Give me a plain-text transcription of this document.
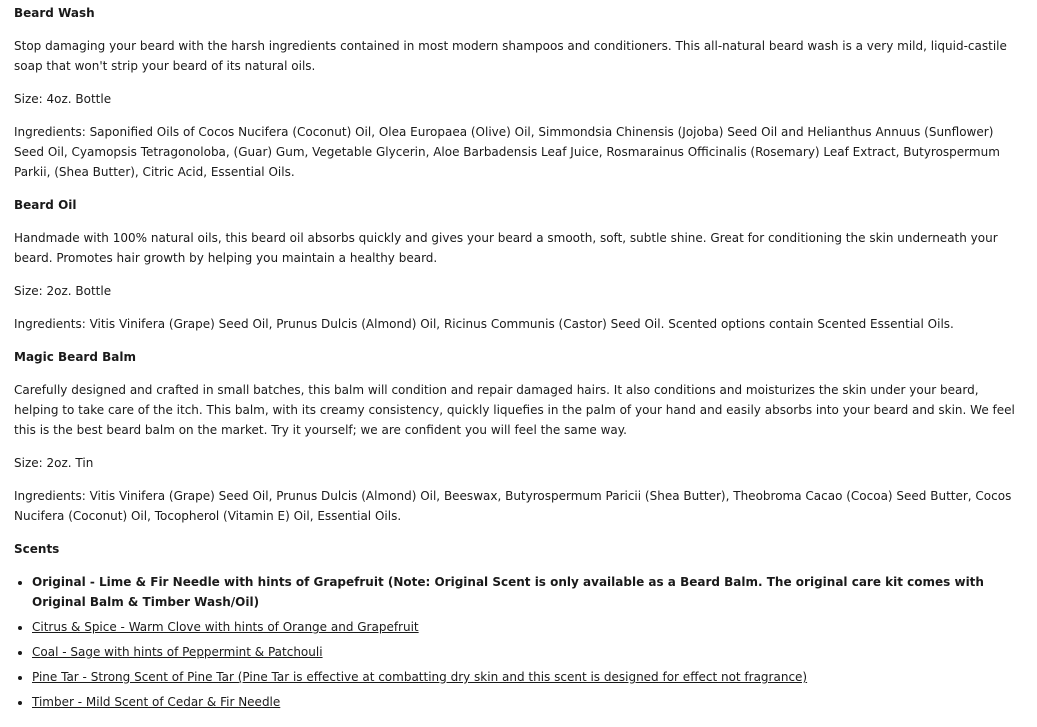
Beard Wash

Stop damaging your beard with the harsh ingredients contained in most modern shampoos and conditioners. This all-natural beard wash is a very mild, liquid-castile soap that won't strip your beard of its natural oils.

Size: 4oz. Bottle

Ingredients: Saponified Oils of Cocos Nucifera (Coconut) Oil, Olea Europaea (Olive) Oil, Simmondsia Chinensis (Jojoba) Seed Oil and Helianthus Annuus (Sunflower) Seed Oil, Cyamopsis Tetragonoloba, (Guar) Gum, Vegetable Glycerin, Aloe Barbadensis Leaf Juice, Rosmarainus Officinalis (Rosemary) Leaf Extract, Butyrospermum Parkii, (Shea Butter), Citric Acid, Essential Oils.

Beard Oil

Handmade with 100% natural oils, this beard oil absorbs quickly and gives your beard a smooth, soft, subtle shine. Great for conditioning the skin underneath your beard. Promotes hair growth by helping you maintain a healthy beard.

Size: 2oz. Bottle

Ingredients: Vitis Vinifera (Grape) Seed Oil, Prunus Dulcis (Almond) Oil, Ricinus Communis (Castor) Seed Oil. Scented options contain Scented Essential Oils.

Magic Beard Balm

Carefully designed and crafted in small batches, this balm will condition and repair damaged hairs. It also conditions and moisturizes the skin under your beard, helping to take care of the itch. This balm, with its creamy consistency, quickly liquefies in the palm of your hand and easily absorbs into your beard and skin. We feel this is the best beard balm on the market. Try it yourself; we are confident you will feel the same way.

Size: 2oz. Tin

Ingredients: Vitis Vinifera (Grape) Seed Oil, Prunus Dulcis (Almond) Oil, Beeswax, Butyrospermum Paricii (Shea Butter), Theobroma Cacao (Cocoa) Seed Butter, Cocos Nucifera (Coconut) Oil, Tocopherol (Vitamin E) Oil, Essential Oils.

Scents

• Original - Lime & Fir Needle with hints of Grapefruit (Note: Original Scent is only available as a Beard Balm. The original care kit comes with Original Balm & Timber Wash/Oil)
• Citrus & Spice - Warm Clove with hints of Orange and Grapefruit
• Coal - Sage with hints of Peppermint & Patchouli
• Pine Tar - Strong Scent of Pine Tar (Pine Tar is effective at combatting dry skin and this scent is designed for effect not fragrance)
• Timber - Mild Scent of Cedar & Fir Needle
